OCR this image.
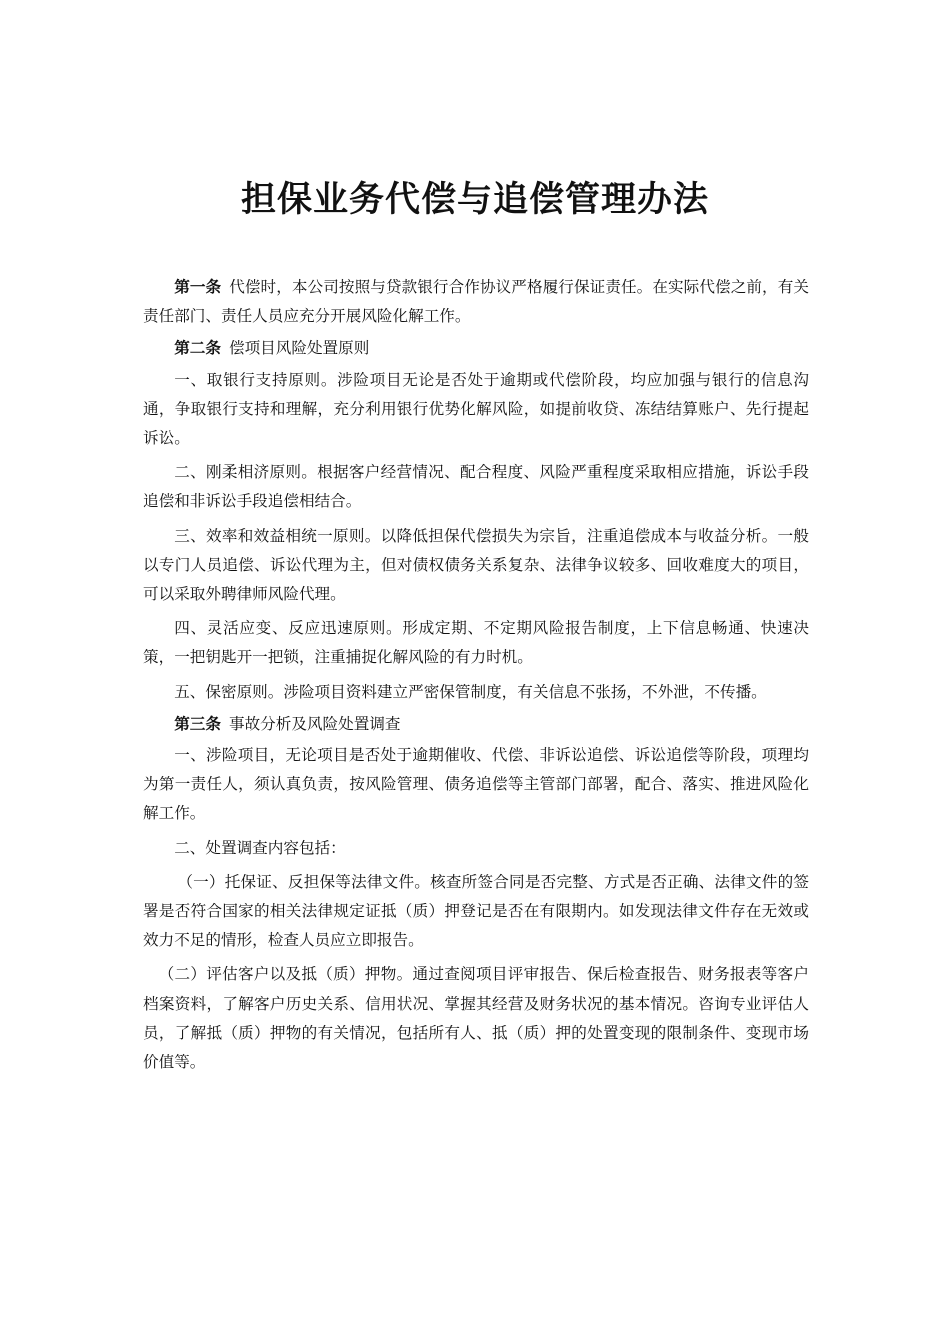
担保业务代偿与追偿管理办法

第一条 代偿时，本公司按照与贷款银行合作协议严格履行保证责任。在实际代偿之前，有关责任部门、责任人员应充分开展风险化解工作。

第二条 偿项目风险处置原则

一、取银行支持原则。涉险项目无论是否处于逾期或代偿阶段，均应加强与银行的信息沟通，争取银行支持和理解，充分利用银行优势化解风险，如提前收贷、冻结结算账户、先行提起诉讼。

二、刚柔相济原则。根据客户经营情况、配合程度、风险严重程度采取相应措施，诉讼手段追偿和非诉讼手段追偿相结合。

三、效率和效益相统一原则。以降低担保代偿损失为宗旨，注重追偿成本与收益分析。一般以专门人员追偿、诉讼代理为主，但对债权债务关系复杂、法律争议较多、回收难度大的项目，可以采取外聘律师风险代理。

四、灵活应变、反应迅速原则。形成定期、不定期风险报告制度，上下信息畅通、快速决策，一把钥匙开一把锁，注重捕捉化解风险的有力时机。

五、保密原则。涉险项目资料建立严密保管制度，有关信息不张扬，不外泄，不传播。

第三条 事故分析及风险处置调查

一、涉险项目，无论项目是否处于逾期催收、代偿、非诉讼追偿、诉讼追偿等阶段，项理均为第一责任人，须认真负责，按风险管理、债务追偿等主管部门部署，配合、落实、推进风险化解工作。

二、处置调查内容包括：

（一）托保证、反担保等法律文件。核查所签合同是否完整、方式是否正确、法律文件的签署是否符合国家的相关法律规定证抵（质）押登记是否在有限期内。如发现法律文件存在无效或效力不足的情形，检查人员应立即报告。

（二）评估客户以及抵（质）押物。通过查阅项目评审报告、保后检查报告、财务报表等客户档案资料，了解客户历史关系、信用状况、掌握其经营及财务状况的基本情况。咨询专业评估人员，了解抵（质）押物的有关情况，包括所有人、抵（质）押的处置变现的限制条件、变现市场价值等。
